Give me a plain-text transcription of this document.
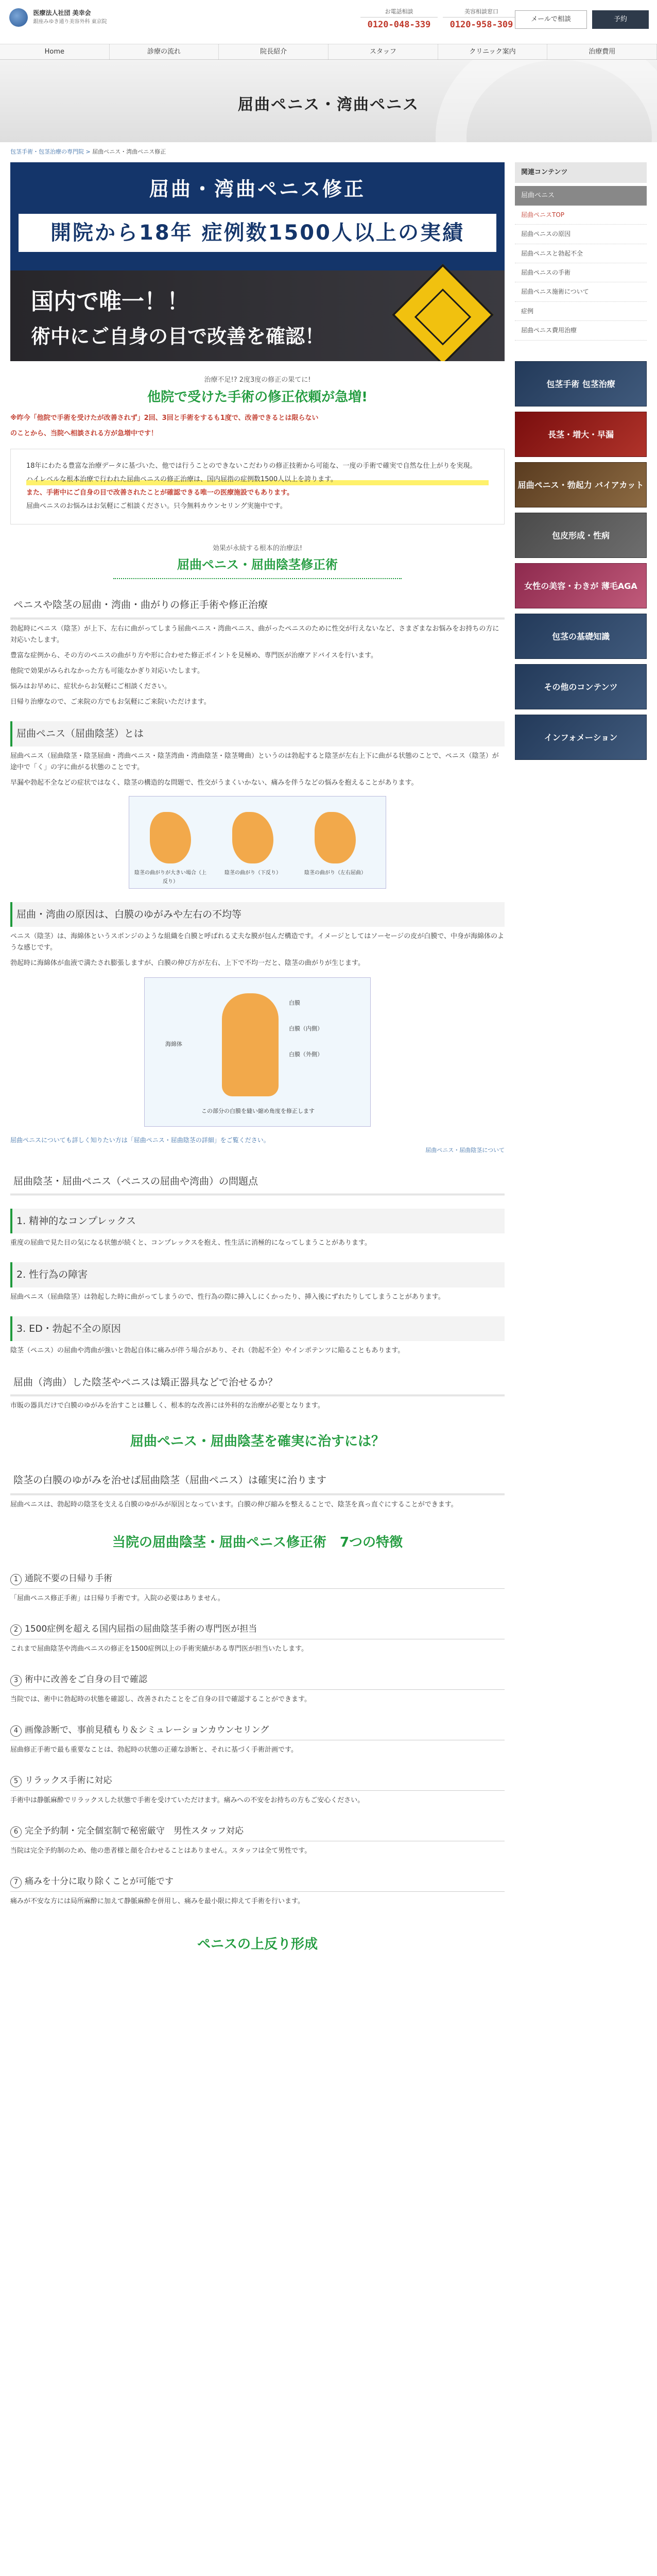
医療法人社団 美幸会
銀座みゆき通り美容外科 東京院
お電話相談
0120-048-339
美容相談窓口
0120-958-309
メールで相談	予約
Home	診療の流れ	院長紹介	スタッフ	クリニック案内	治療費用
屈曲ペニス・湾曲ペニス
包茎手術・包茎治療の専門院 > 屈曲ペニス・湾曲ペニス修正
屈曲・湾曲ペニス修正
開院から18年 症例数1500人以上の実績
国内で唯一！！
術中にご自身の目で改善を確認！
治療不足!? 2度3度の修正の果てに!
他院で受けた手術の修正依頼が急増!

※昨今「他院で手術を受けたが改善されず」2回、3回と手術をするも1度で、改善できるとは限らない

のことから、当院へ相談される方が急増中です！

18年にわたる豊富な治療データに基づいた、他では行うことのできないこだわりの修正技術から可能な、一度の手術で確実で自然な仕上がりを実現。

ハイレベルな根本治療で行われた屈曲ペニスの修正治療は、国内屈指の症例数1500人以上を誇ります。

また、手術中にご自身の目で改善されたことが確認できる唯一の医療施設でもあります。

屈曲ペニスのお悩みはお気軽にご相談ください。只今無料カウンセリング実施中です。

効果が永続する根本的治療法!
屈曲ペニス・屈曲陰茎修正術
ペニスや陰茎の屈曲・湾曲・曲がりの修正手術や修正治療

勃起時にペニス（陰茎）が上下、左右に曲がってしまう屈曲ペニス・湾曲ペニス、曲がったペニスのために性交が行えないなど、さまざまなお悩みをお持ちの方に対応いたします。

豊富な症例から、その方のペニスの曲がり方や形に合わせた修正ポイントを見極め、専門医が治療アドバイスを行います。

他院で効果がみられなかった方も可能なかぎり対応いたします。

悩みはお早めに、症状からお気軽にご相談ください。

日帰り治療なので、ご来院の方でもお気軽にご来院いただけます。

屈曲ペニス（屈曲陰茎）とは

屈曲ペニス（屈曲陰茎・陰茎屈曲・湾曲ペニス・陰茎湾曲・湾曲陰茎・陰茎彎曲）というのは勃起すると陰茎が左右上下に曲がる状態のことで、ペニス（陰茎）が途中で「く」の字に曲がる状態のことです。

早漏や勃起不全などの症状ではなく、陰茎の構造的な問題で、性交がうまくいかない、痛みを伴うなどの悩みを抱えることがあります。

陰茎の曲がりが大きい場合（上反り）
陰茎の曲がり（下反り）	陰茎の曲がり（左右屈曲）
屈曲・湾曲の原因は、白膜のゆがみや左右の不均等

ペニス（陰茎）は、海綿体というスポンジのような組織を白膜と呼ばれる丈夫な膜が包んだ構造です。イメージとしてはソーセージの皮が白膜で、中身が海綿体のような感じです。

勃起時に海綿体が血液で満たされ膨張しますが、白膜の伸び方が左右、上下で不均一だと、陰茎の曲がりが生じます。

白膜
白膜（内側）
白膜（外側）
海綿体
この部分の白膜を縫い縮め角度を修正します

屈曲ペニスについても詳しく知りたい方は「屈曲ペニス・屈曲陰茎の詳細」をご覧ください。

屈曲ペニス・屈曲陰茎について

屈曲陰茎・屈曲ペニス（ペニスの屈曲や湾曲）の問題点
1. 精神的なコンプレックス

重度の屈曲で見た目の気になる状態が続くと、コンプレックスを抱え、性生活に消極的になってしまうことがあります。

2. 性行為の障害

屈曲ペニス（屈曲陰茎）は勃起した時に曲がってしまうので、性行為の際に挿入しにくかったり、挿入後にずれたりしてしまうことがあります。

3. ED・勃起不全の原因

陰茎（ペニス）の屈曲や湾曲が強いと勃起自体に痛みが伴う場合があり、それ（勃起不全）やインポテンツに陥ることもあります。

屈曲（湾曲）した陰茎やペニスは矯正器具などで治せるか？

市販の器具だけで白膜のゆがみを治すことは難しく、根本的な改善には外科的な治療が必要となります。

屈曲ペニス・屈曲陰茎を確実に治すには？
陰茎の白膜のゆがみを治せば屈曲陰茎（屈曲ペニス）は確実に治ります

屈曲ペニスは、勃起時の陰茎を支える白膜のゆがみが原因となっています。白膜の伸び縮みを整えることで、陰茎を真っ直ぐにすることができます。

当院の屈曲陰茎・屈曲ペニス修正術　7つの特徴
1 通院不要の日帰り手術

「屈曲ペニス修正手術」は日帰り手術です。入院の必要はありません。

2 1500症例を超える国内屈指の屈曲陰茎手術の専門医が担当

これまで屈曲陰茎や湾曲ペニスの修正を1500症例以上の手術実績がある専門医が担当いたします。

3 術中に改善をご自身の目で確認

当院では、術中に勃起時の状態を確認し、改善されたことをご自身の目で確認することができます。

4 画像診断で、事前見積もり＆シミュレーションカウンセリング

屈曲修正手術で最も重要なことは、勃起時の状態の正確な診断と、それに基づく手術計画です。

5 リラックス手術に対応

手術中は静脈麻酔でリラックスした状態で手術を受けていただけます。痛みへの不安をお持ちの方もご安心ください。

6 完全予約制・完全個室制で秘密厳守　男性スタッフ対応

当院は完全予約制のため、他の患者様と顔を合わせることはありません。スタッフは全て男性です。

7 痛みを十分に取り除くことが可能です

痛みが不安な方には局所麻酔に加えて静脈麻酔を併用し、痛みを最小限に抑えて手術を行います。

ペニスの上反り形成
関連コンテンツ
屈曲ペニス
屈曲ペニスTOP
屈曲ペニスの原因
屈曲ペニスと勃起不全
屈曲ペニスの手術
屈曲ペニス施術について
症例
屈曲ペニス費用治療
包茎手術 包茎治療
長茎・増大・早漏
屈曲ペニス・勃起力 バイアカット
包皮形成・性病
女性の美容・わきが 薄毛AGA
包茎の基礎知識
その他のコンテンツ
インフォメーション
